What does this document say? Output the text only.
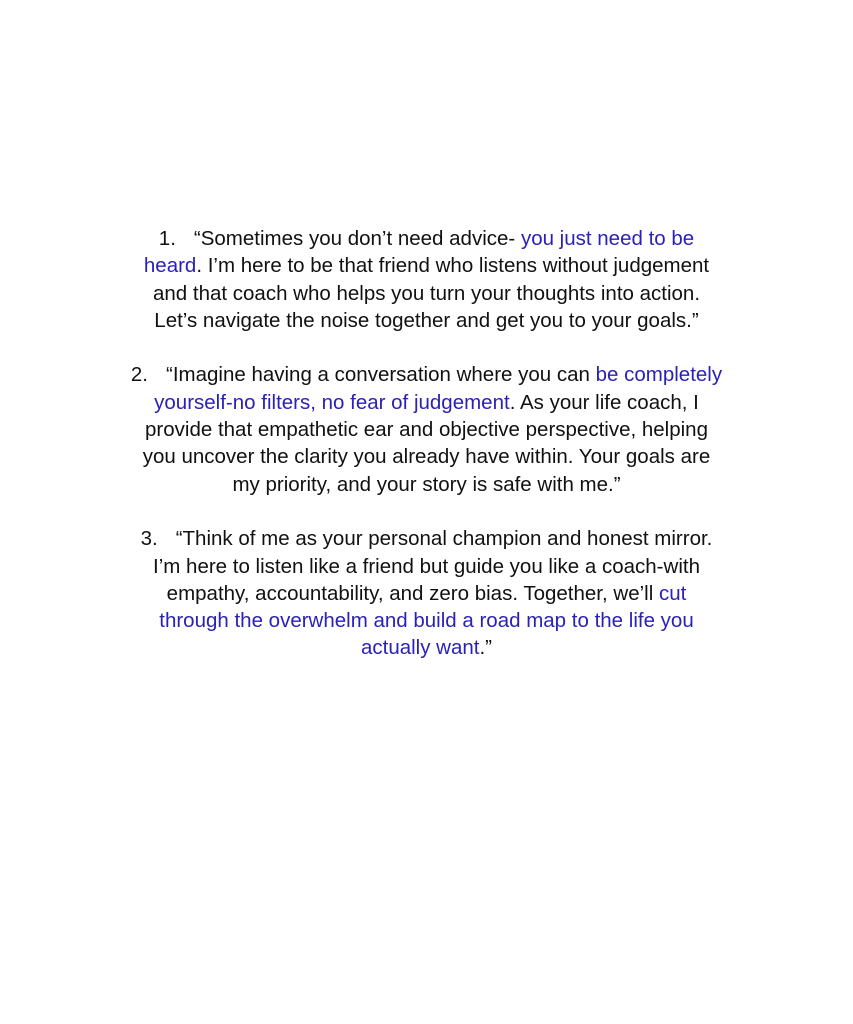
1. “Sometimes you don’t need advice- you just need to be heard. I’m here to be that friend who listens without judgement and that coach who helps you turn your thoughts into action. Let’s navigate the noise together and get you to your goals.”

2. “Imagine having a conversation where you can be completely yourself-no filters, no fear of judgement. As your life coach, I provide that empathetic ear and objective perspective, helping you uncover the clarity you already have within. Your goals are my priority, and your story is safe with me.”

3. “Think of me as your personal champion and honest mirror. I’m here to listen like a friend but guide you like a coach-with empathy, accountability, and zero bias. Together, we’ll cut through the overwhelm and build a road map to the life you actually want.”
